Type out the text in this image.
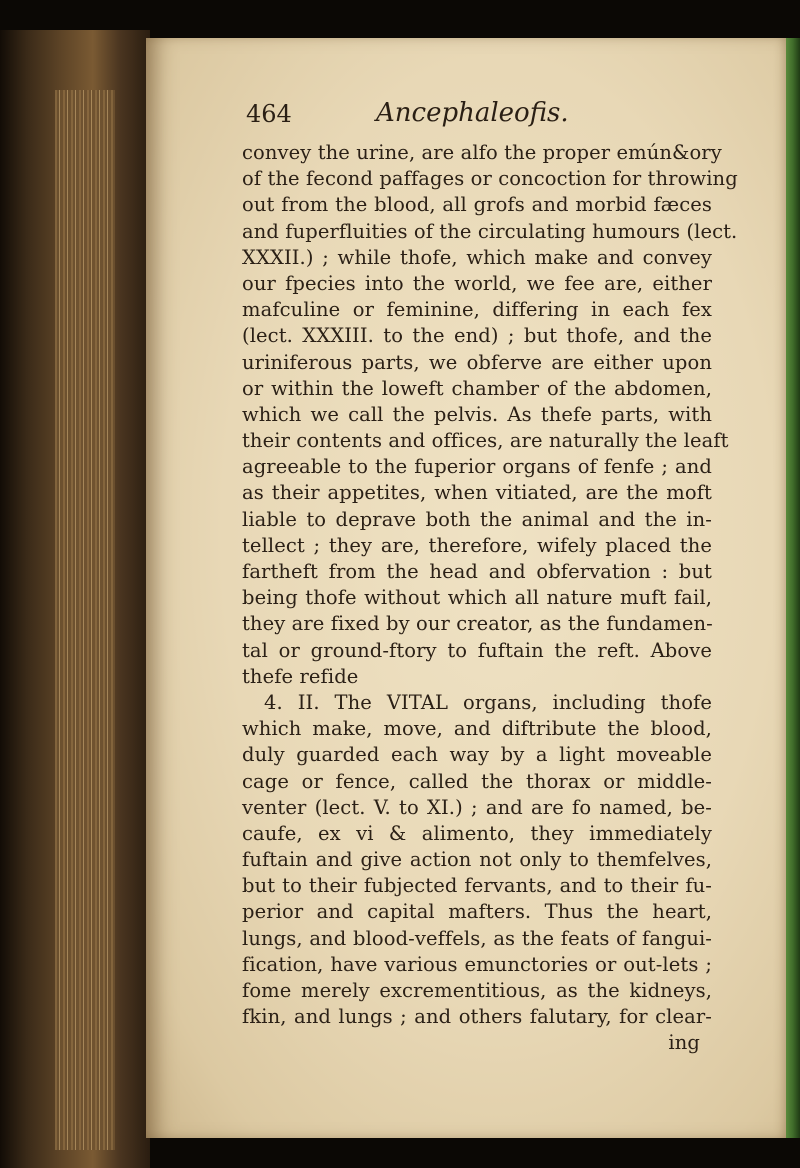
464	Ancephaleofis.
convey the urine, are alfo the proper emún&ory
of the fecond paffages or concoction for throwing
out from the blood, all grofs and morbid fæces
and fuperfluities of the circulating humours (lect.
XXXII.) ; while thofe, which make and convey
our fpecies into the world, we fee are, either
mafculine or feminine, differing in each fex
(lect. XXXIII. to the end) ; but thofe, and the
uriniferous parts, we obferve are either upon
or within the loweft chamber of the abdomen,
which we call the pelvis. As thefe parts, with
their contents and offices, are naturally the leaft
agreeable to the fuperior organs of fenfe ; and
as their appetites, when vitiated, are the moft
liable to deprave both the animal and the in-
tellect ; they are, therefore, wifely placed the
fartheft from the head and obfervation : but
being thofe without which all nature muft fail,
they are fixed by our creator, as the fundamen-
tal or ground-ftory to fuftain the reft. Above
thefe refide
4. II. The VITAL organs, including thofe
which make, move, and diftribute the blood,
duly guarded each way by a light moveable
cage or fence, called the thorax or middle-
venter (lect. V. to XI.) ; and are fo named, be-
caufe, ex vi & alimento, they immediately
fuftain and give action not only to themfelves,
but to their fubjected fervants, and to their fu-
perior and capital mafters. Thus the heart,
lungs, and blood-veffels, as the feats of fangui-
fication, have various emunctories or out-lets ;
fome merely excrementitious, as the kidneys,
fkin, and lungs ; and others falutary, for clear-
ing
